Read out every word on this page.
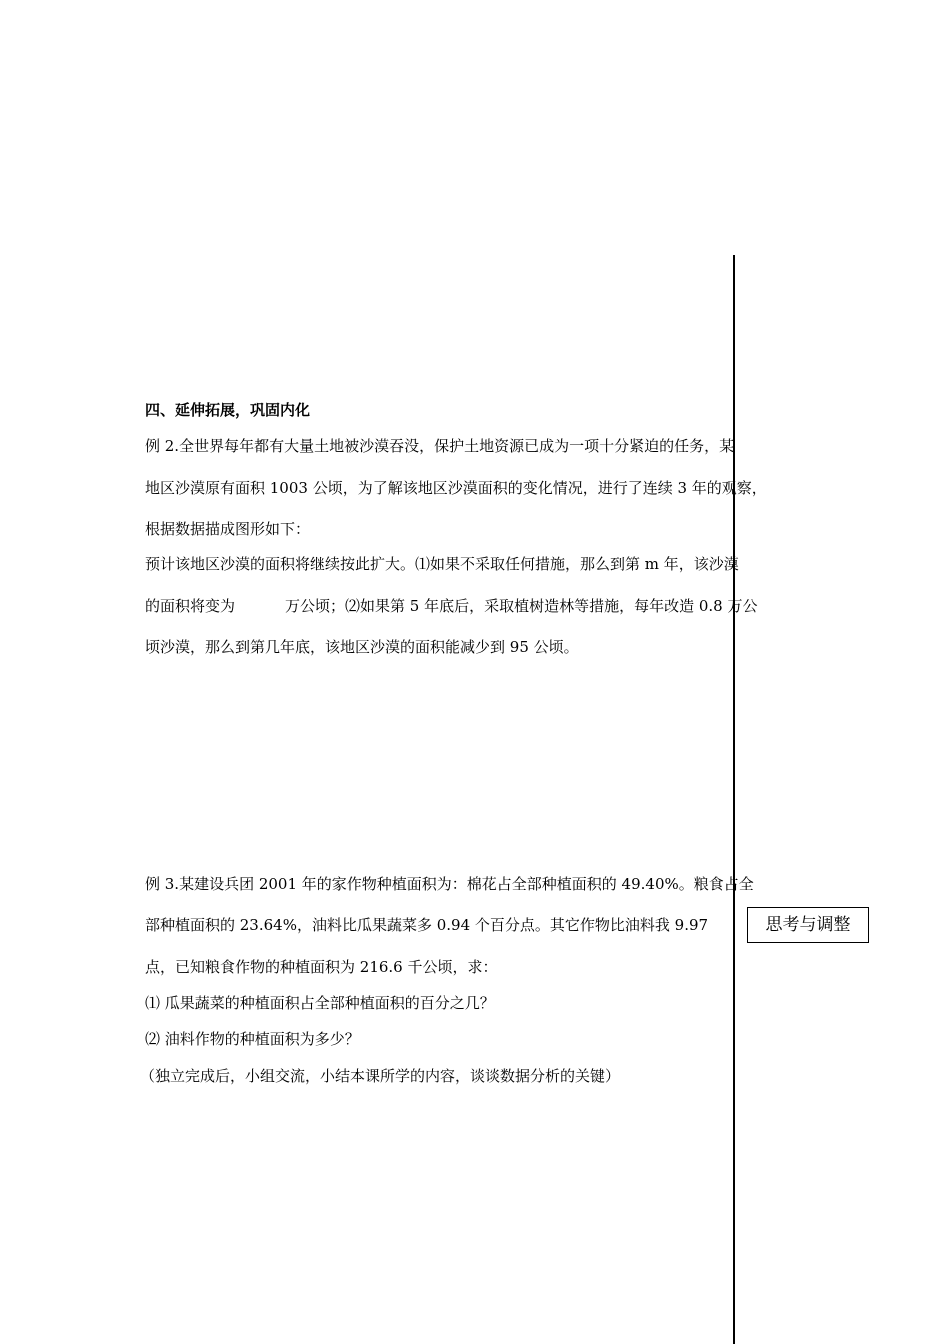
四、延伸拓展，巩固内化
例 2.全世界每年都有大量土地被沙漠吞没，保护土地资源已成为一项十分紧迫的任务，某
地区沙漠原有面积 1003 公顷，为了解该地区沙漠面积的变化情况，进行了连续 3 年的观察，
根据数据描成图形如下：
预计该地区沙漠的面积将继续按此扩大。⑴如果不采取任何措施，那么到第 m 年，该沙漠
的面积将变为	万公顷；⑵如果第 5 年底后，采取植树造林等措施，每年改造 0.8 万公
顷沙漠，那么到第几年底，该地区沙漠的面积能减少到 95 公顷。
例 3.某建设兵团 2001 年的家作物种植面积为：棉花占全部种植面积的 49.40%。粮食占全
部种植面积的 23.64%，油料比瓜果蔬菜多 0.94 个百分点。其它作物比油料我 9.97
点，已知粮食作物的种植面积为 216.6 千公顷，求：
⑴ 瓜果蔬菜的种植面积占全部种植面积的百分之几？
⑵ 油料作物的种植面积为多少？
（独立完成后，小组交流，小结本课所学的内容，谈谈数据分析的关键）
思考与调整
